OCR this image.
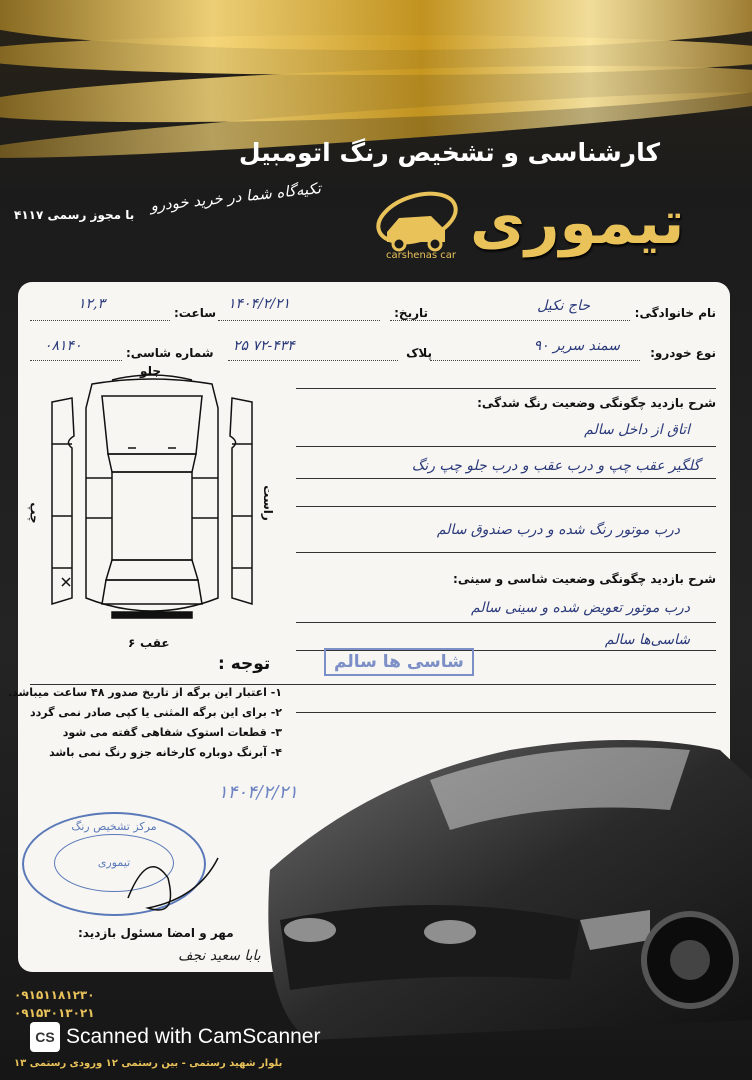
کارشناسی و تشخیص رنگ اتومبیل
تکیه‌گاه شما در خرید خودرو
با مجوز رسمی ۴۱۱۷	تیموری
carshenas car
نام خانوادگی:
حاج نکیل
تاریخ:
۱۴۰۴/۲/۲۱
ساعت:
۱۲,۳
نوع خودرو:
سمند سریر ۹۰
پلاک
۷۲-۴۳۴ ۲۵
شماره شاسی:
۰۸۱۴۰
جلو
عقب
۶
راست
چپ
شرح بازدید چگونگی وضعیت رنگ شدگی:
اتاق از داخل سالم
گلگیر عقب چپ و درب عقب و درب جلو چپ رنگ
درب موتور رنگ شده و درب صندوق سالم
شرح بازدید چگونگی وضعیت شاسی و سینی:
درب موتور تعویض شده و سینی سالم
شاسی‌ها سالم
شاسی ها سالم
توجه :
۱- اعتبار این برگه از تاریخ صدور ۴۸ ساعت میباشد.
۲- برای این برگه المثنی یا کپی صادر نمی گردد
۳- قطعات استوک شفاهی گفته می شود
۴- آبرنگ دوباره کارخانه جزو رنگ نمی باشد
۱۴۰۴/۲/۲۱
مهر و امضا مسئول بازدید:
بابا سعید نجف
مرکز تشخیص رنگ
تیموری
۰۹۱۵۱۱۸۱۲۳۰
۰۹۱۵۳۰۱۳۰۲۱
بلوار شهید رستمی - بین رستمی ۱۲ ورودی رستمی ۱۳
CS Scanned with CamScanner
